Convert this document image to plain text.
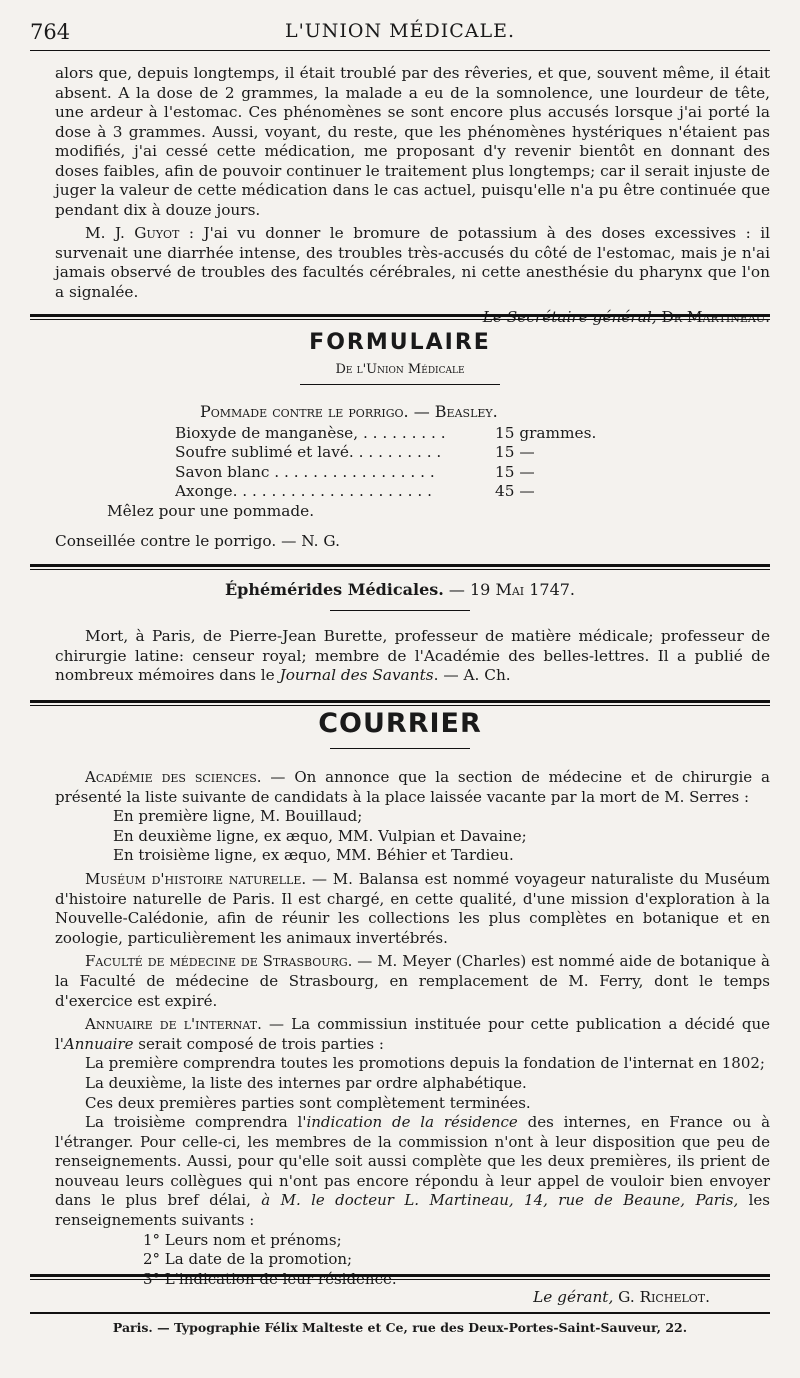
764	L'UNION MÉDICALE.

alors que, depuis longtemps, il était troublé par des rêveries, et que, souvent même, il était absent. A la dose de 2 grammes, la malade a eu de la somnolence, une lourdeur de tête, une ardeur à l'estomac. Ces phénomènes se sont encore plus accusés lorsque j'ai porté la dose à 3 grammes. Aussi, voyant, du reste, que les phénomènes hystériques n'étaient pas modifiés, j'ai cessé cette médication, me proposant d'y revenir bientôt en donnant des doses faibles, afin de pouvoir continuer le traitement plus longtemps; car il serait injuste de juger la valeur de cette médication dans le cas actuel, puisqu'elle n'a pu être continuée que pendant dix à douze jours.

M. J. Guyot : J'ai vu donner le bromure de potassium à des doses excessives : il survenait une diarrhée intense, des troubles très-accusés du côté de l'estomac, mais je n'ai jamais observé de troubles des facultés cérébrales, ni cette anesthésie du pharynx que l'on a signalée.

Le Secrétaire général, Dr Martineau.

FORMULAIRE
De l'Union Médicale
Pommade contre le porrigo. — Beasley.
Bioxyde de manganèse, . . . . . . . . .	15 grammes.
Soufre sublimé et lavé. . . . . . . . . .	15 —
Savon blanc . . . . . . . . . . . . . . . . .	15 —
Axonge. . . . . . . . . . . . . . . . . . . . .	45 —
Mêlez pour une pommade.
Conseillée contre le porrigo. — N. G.
Éphémérides Médicales. — 19 Mai 1747.

Mort, à Paris, de Pierre-Jean Burette, professeur de matière médicale; professeur de chirurgie latine: censeur royal; membre de l'Académie des belles-lettres. Il a publié de nombreux mémoires dans le Journal des Savants. — A. Ch.

COURRIER

Académie des sciences. — On annonce que la section de médecine et de chirurgie a présenté la liste suivante de candidats à la place laissée vacante par la mort de M. Serres :

En première ligne, M. Bouillaud;
En deuxième ligne, ex æquo, MM. Vulpian et Davaine;
En troisième ligne, ex æquo, MM. Béhier et Tardieu.

Muséum d'histoire naturelle. — M. Balansa est nommé voyageur naturaliste du Muséum d'histoire naturelle de Paris. Il est chargé, en cette qualité, d'une mission d'exploration à la Nouvelle-Calédonie, afin de réunir les collections les plus complètes en botanique et en zoologie, particulièrement les animaux invertébrés.

Faculté de médecine de Strasbourg. — M. Meyer (Charles) est nommé aide de botanique à la Faculté de médecine de Strasbourg, en remplacement de M. Ferry, dont le temps d'exercice est expiré.

Annuaire de l'internat. — La commissiun instituée pour cette publication a décidé que l'Annuaire serait composé de trois parties :

La première comprendra toutes les promotions depuis la fondation de l'internat en 1802;
La deuxième, la liste des internes par ordre alphabétique.
Ces deux premières parties sont complètement terminées.

La troisième comprendra l'indication de la résidence des internes, en France ou à l'étranger. Pour celle-ci, les membres de la commission n'ont à leur disposition que peu de renseignements. Aussi, pour qu'elle soit aussi complète que les deux premières, ils prient de nouveau leurs collègues qui n'ont pas encore répondu à leur appel de vouloir bien envoyer dans le plus bref délai, à M. le docteur L. Martineau, 14, rue de Beaune, Paris, les renseignements suivants :

1° Leurs nom et prénoms;
2° La date de la promotion;
3° L'indication de leur résidence.
Le gérant, G. Richelot.
Paris. — Typographie Félix Malteste et Ce, rue des Deux-Portes-Saint-Sauveur, 22.
